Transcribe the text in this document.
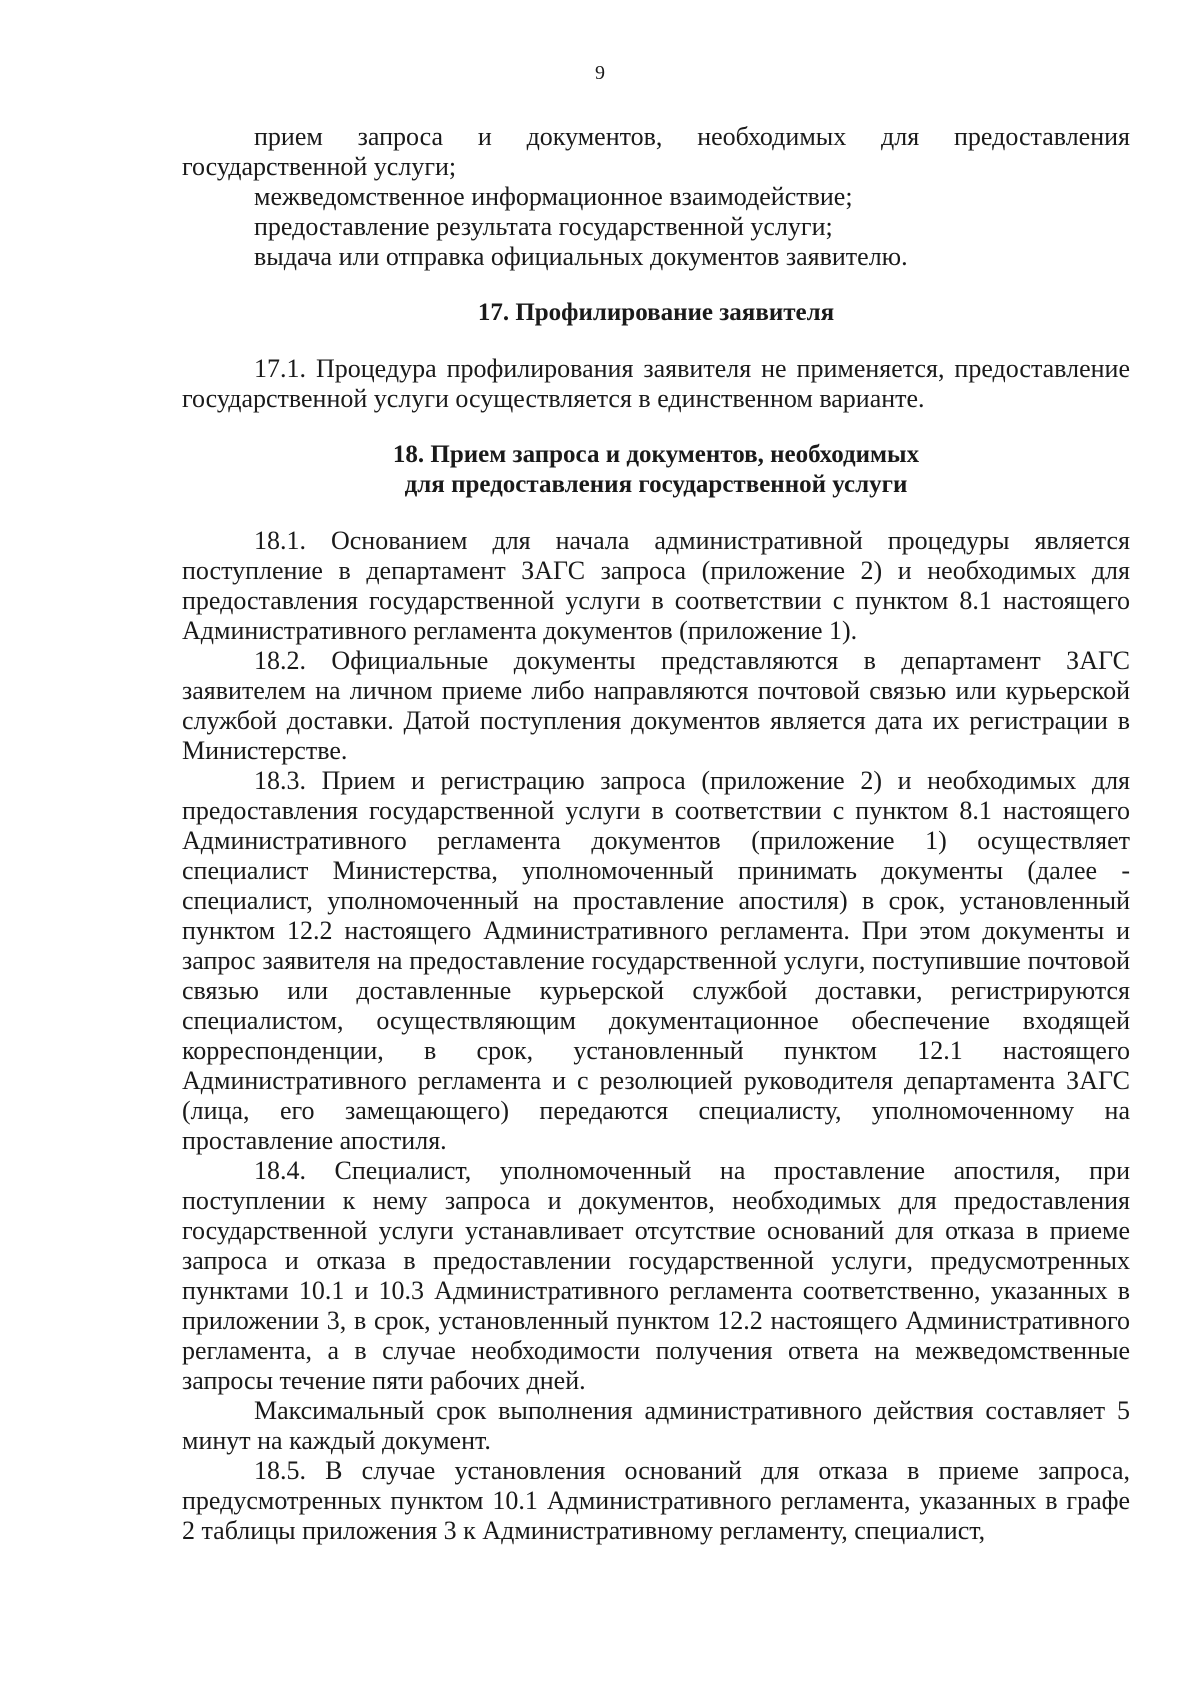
9

прием запроса и документов, необходимых для предоставления государственной услуги;

межведомственное информационное взаимодействие;

предоставление результата государственной услуги;

выдача или отправка официальных документов заявителю.

17. Профилирование заявителя

17.1. Процедура профилирования заявителя не применяется, предоставление государственной услуги осуществляется в единственном варианте.

18. Прием запроса и документов, необходимых
для предоставления государственной услуги

18.1. Основанием для начала административной процедуры является поступление в департамент ЗАГС запроса (приложение 2) и необходимых для предоставления государственной услуги в соответствии с пунктом 8.1 настоящего Административного регламента документов (приложение 1).

18.2. Официальные документы представляются в департамент ЗАГС заявителем на личном приеме либо направляются почтовой связью или курьерской службой доставки. Датой поступления документов является дата их регистрации в Министерстве.

18.3. Прием и регистрацию запроса (приложение 2) и необходимых для предоставления государственной услуги в соответствии с пунктом 8.1 настоящего Административного регламента документов (приложение 1) осуществляет специалист Министерства, уполномоченный принимать документы (далее - специалист, уполномоченный на проставление апостиля) в срок, установленный пунктом 12.2 настоящего Административного регламента. При этом документы и запрос заявителя на предоставление государственной услуги, поступившие почтовой связью или доставленные курьерской службой доставки, регистрируются специалистом, осуществляющим документационное обеспечение входящей корреспонденции, в срок, установленный пунктом 12.1 настоящего Административного регламента и с резолюцией руководителя департамента ЗАГС (лица, его замещающего) передаются специалисту, уполномоченному на проставление апостиля.

18.4. Специалист, уполномоченный на проставление апостиля, при поступлении к нему запроса и документов, необходимых для предоставления государственной услуги устанавливает отсутствие оснований для отказа в приеме запроса и отказа в предоставлении государственной услуги, предусмотренных пунктами 10.1 и 10.3 Административного регламента соответственно, указанных в приложении 3, в срок, установленный пунктом 12.2 настоящего Административного регламента, а в случае необходимости получения ответа на межведомственные запросы течение пяти рабочих дней.

Максимальный срок выполнения административного действия составляет 5 минут на каждый документ.

18.5. В случае установления оснований для отказа в приеме запроса, предусмотренных пунктом 10.1 Административного регламента, указанных в графе 2 таблицы приложения 3 к Административному регламенту, специалист,
